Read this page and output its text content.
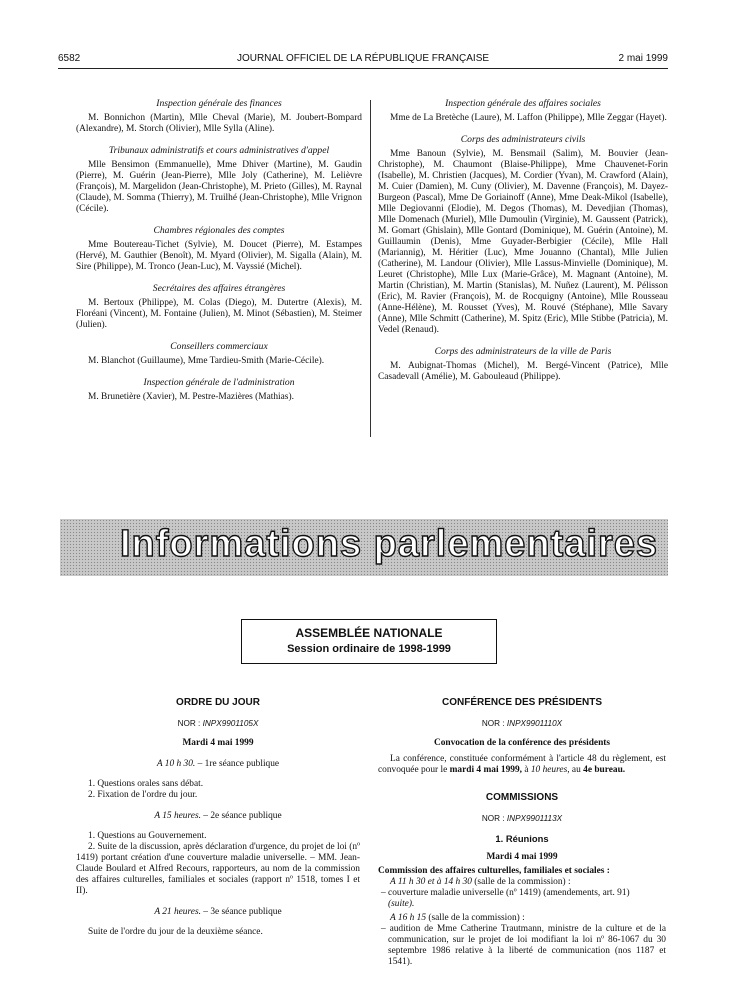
6582	JOURNAL OFFICIEL DE LA RÉPUBLIQUE FRANÇAISE	2 mai 1999

Inspection générale des finances

M. Bonnichon (Martin), Mlle Cheval (Marie), M. Joubert-Bompard (Alexandre), M. Storch (Olivier), Mlle Sylla (Aline).

Tribunaux administratifs et cours administratives d'appel

Mlle Bensimon (Emmanuelle), Mme Dhiver (Martine), M. Gaudin (Pierre), M. Guérin (Jean-Pierre), Mlle Joly (Catherine), M. Lelièvre (François), M. Margelidon (Jean-Christophe), M. Prieto (Gilles), M. Raynal (Claude), M. Somma (Thierry), M. Truilhé (Jean-Christophe), Mlle Vrignon (Cécile).

Chambres régionales des comptes

Mme Boutereau-Tichet (Sylvie), M. Doucet (Pierre), M. Estampes (Hervé), M. Gauthier (Benoît), M. Myard (Olivier), M. Sigalla (Alain), M. Sire (Philippe), M. Tronco (Jean-Luc), M. Vayssié (Michel).

Secrétaires des affaires étrangères

M. Bertoux (Philippe), M. Colas (Diego), M. Dutertre (Alexis), M. Floréani (Vincent), M. Fontaine (Julien), M. Minot (Sébastien), M. Steimer (Julien).

Conseillers commerciaux

M. Blanchot (Guillaume), Mme Tardieu-Smith (Marie-Cécile).

Inspection générale de l'administration

M. Brunetière (Xavier), M. Pestre-Mazières (Mathias).

Inspection générale des affaires sociales

Mme de La Bretèche (Laure), M. Laffon (Philippe), Mlle Zeggar (Hayet).

Corps des administrateurs civils

Mme Banoun (Sylvie), M. Bensmail (Salim), M. Bouvier (Jean-Christophe), M. Chaumont (Blaise-Philippe), Mme Chauvenet-Forin (Isabelle), M. Christien (Jacques), M. Cordier (Yvan), M. Crawford (Alain), M. Cuier (Damien), M. Cuny (Olivier), M. Davenne (François), M. Dayez-Burgeon (Pascal), Mme De Goriainoff (Anne), Mme Deak-Mikol (Isabelle), Mlle Degiovanni (Elodie), M. Degos (Thomas), M. Devedjian (Thomas), Mlle Domenach (Muriel), Mlle Dumoulin (Virginie), M. Gaussent (Patrick), M. Gomart (Ghislain), Mlle Gontard (Dominique), M. Guérin (Antoine), M. Guillaumin (Denis), Mme Guyader-Berbigier (Cécile), Mlle Hall (Mariannig), M. Héritier (Luc), Mme Jouanno (Chantal), Mlle Julien (Catherine), M. Landour (Olivier), Mlle Lassus-Minvielle (Dominique), M. Leuret (Christophe), Mlle Lux (Marie-Grâce), M. Magnant (Antoine), M. Martin (Christian), M. Martin (Stanislas), M. Nuñez (Laurent), M. Pélisson (Eric), M. Ravier (François), M. de Rocquigny (Antoine), Mlle Rousseau (Anne-Hélène), M. Rousset (Yves), M. Rouvé (Stéphane), Mlle Savary (Anne), Mlle Schmitt (Catherine), M. Spitz (Eric), Mlle Stibbe (Patricia), M. Vedel (Renaud).

Corps des administrateurs de la ville de Paris

M. Aubignat-Thomas (Michel), M. Bergé-Vincent (Patrice), Mlle Casadevall (Amélie), M. Gabouleaud (Philippe).

Informations parlementaires
ASSEMBLÉE NATIONALE
Session ordinaire de 1998-1999
ORDRE DU JOUR
NOR : INPX9901105X
Mardi 4 mai 1999

A 10 h 30. – 1re séance publique

1. Questions orales sans débat.

2. Fixation de l'ordre du jour.

A 15 heures. – 2e séance publique

1. Questions au Gouvernement.

2. Suite de la discussion, après déclaration d'urgence, du projet de loi (nº 1419) portant création d'une couverture maladie universelle. – MM. Jean-Claude Boulard et Alfred Recours, rapporteurs, au nom de la commission des affaires culturelles, familiales et sociales (rapport nº 1518, tomes I et II).

A 21 heures. – 3e séance publique

Suite de l'ordre du jour de la deuxième séance.

CONFÉRENCE DES PRÉSIDENTS
NOR : INPX9901110X
Convocation de la conférence des présidents

La conférence, constituée conformément à l'article 48 du règlement, est convoquée pour le mardi 4 mai 1999, à 10 heures, au 4e bureau.

COMMISSIONS
NOR : INPX9901113X
1. Réunions
Mardi 4 mai 1999
Commission des affaires culturelles, familiales et sociales :

A 11 h 30 et à 14 h 30 (salle de la commission) :

– couverture maladie universelle (nº 1419) (amendements, art. 91)

(suite).

A 16 h 15 (salle de la commission) :

– audition de Mme Catherine Trautmann, ministre de la culture et de la communication, sur le projet de loi modifiant la loi nº 86-1067 du 30 septembre 1986 relative à la liberté de communication (nos 1187 et 1541).
